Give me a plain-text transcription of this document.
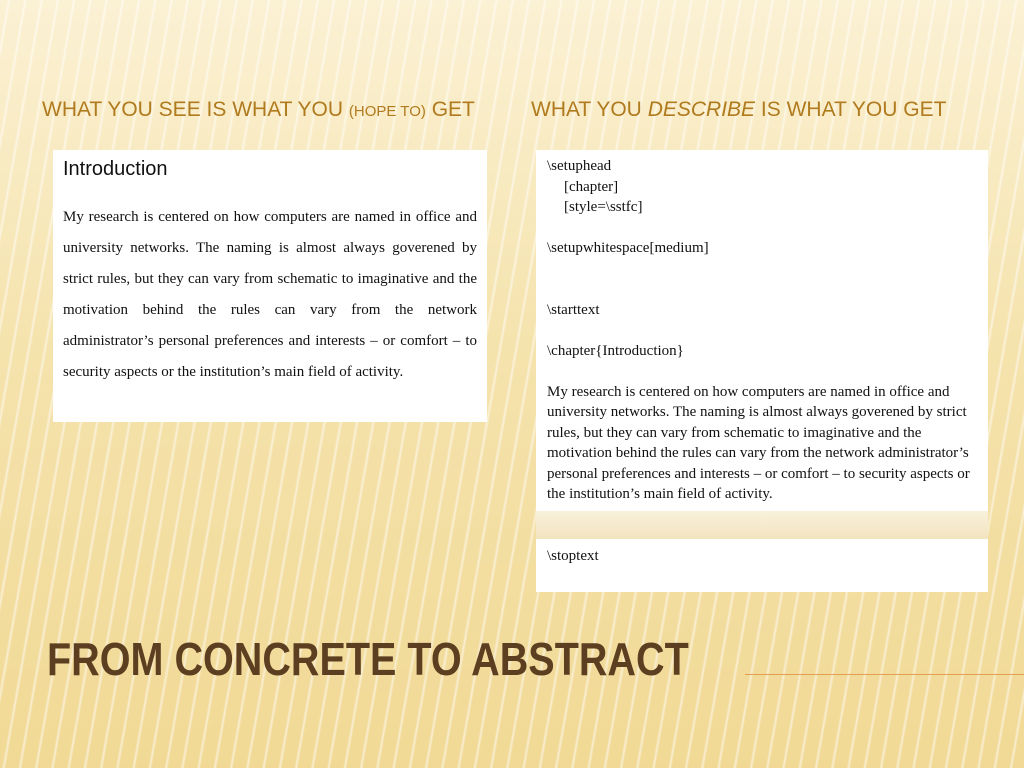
WHAT YOU SEE IS WHAT YOU (HOPE TO) GET	WHAT YOU DESCRIBE IS WHAT YOU GET
Introduction

My research is centered on how computers are named in office and university networks. The naming is almost always goverened by strict rules, but they can vary from schematic to imaginative and the motivation behind the rules can vary from the network administrator’s personal preferences and interests – or comfort – to security aspects or the institution’s main field of activity.

\setuphead
[chapter]
[style=\sstfc]
\setupwhitespace[medium]
\starttext
\chapter{Introduction}
My research is centered on how computers are named in office and university networks. The naming is almost always goverened by strict rules, but they can vary from schematic to imaginative and the motivation behind the rules can vary from the network administrator’s personal preferences and interests – or comfort – to security aspects or the institution’s main field of activity.
\stoptext
FROM CONCRETE TO ABSTRACT
